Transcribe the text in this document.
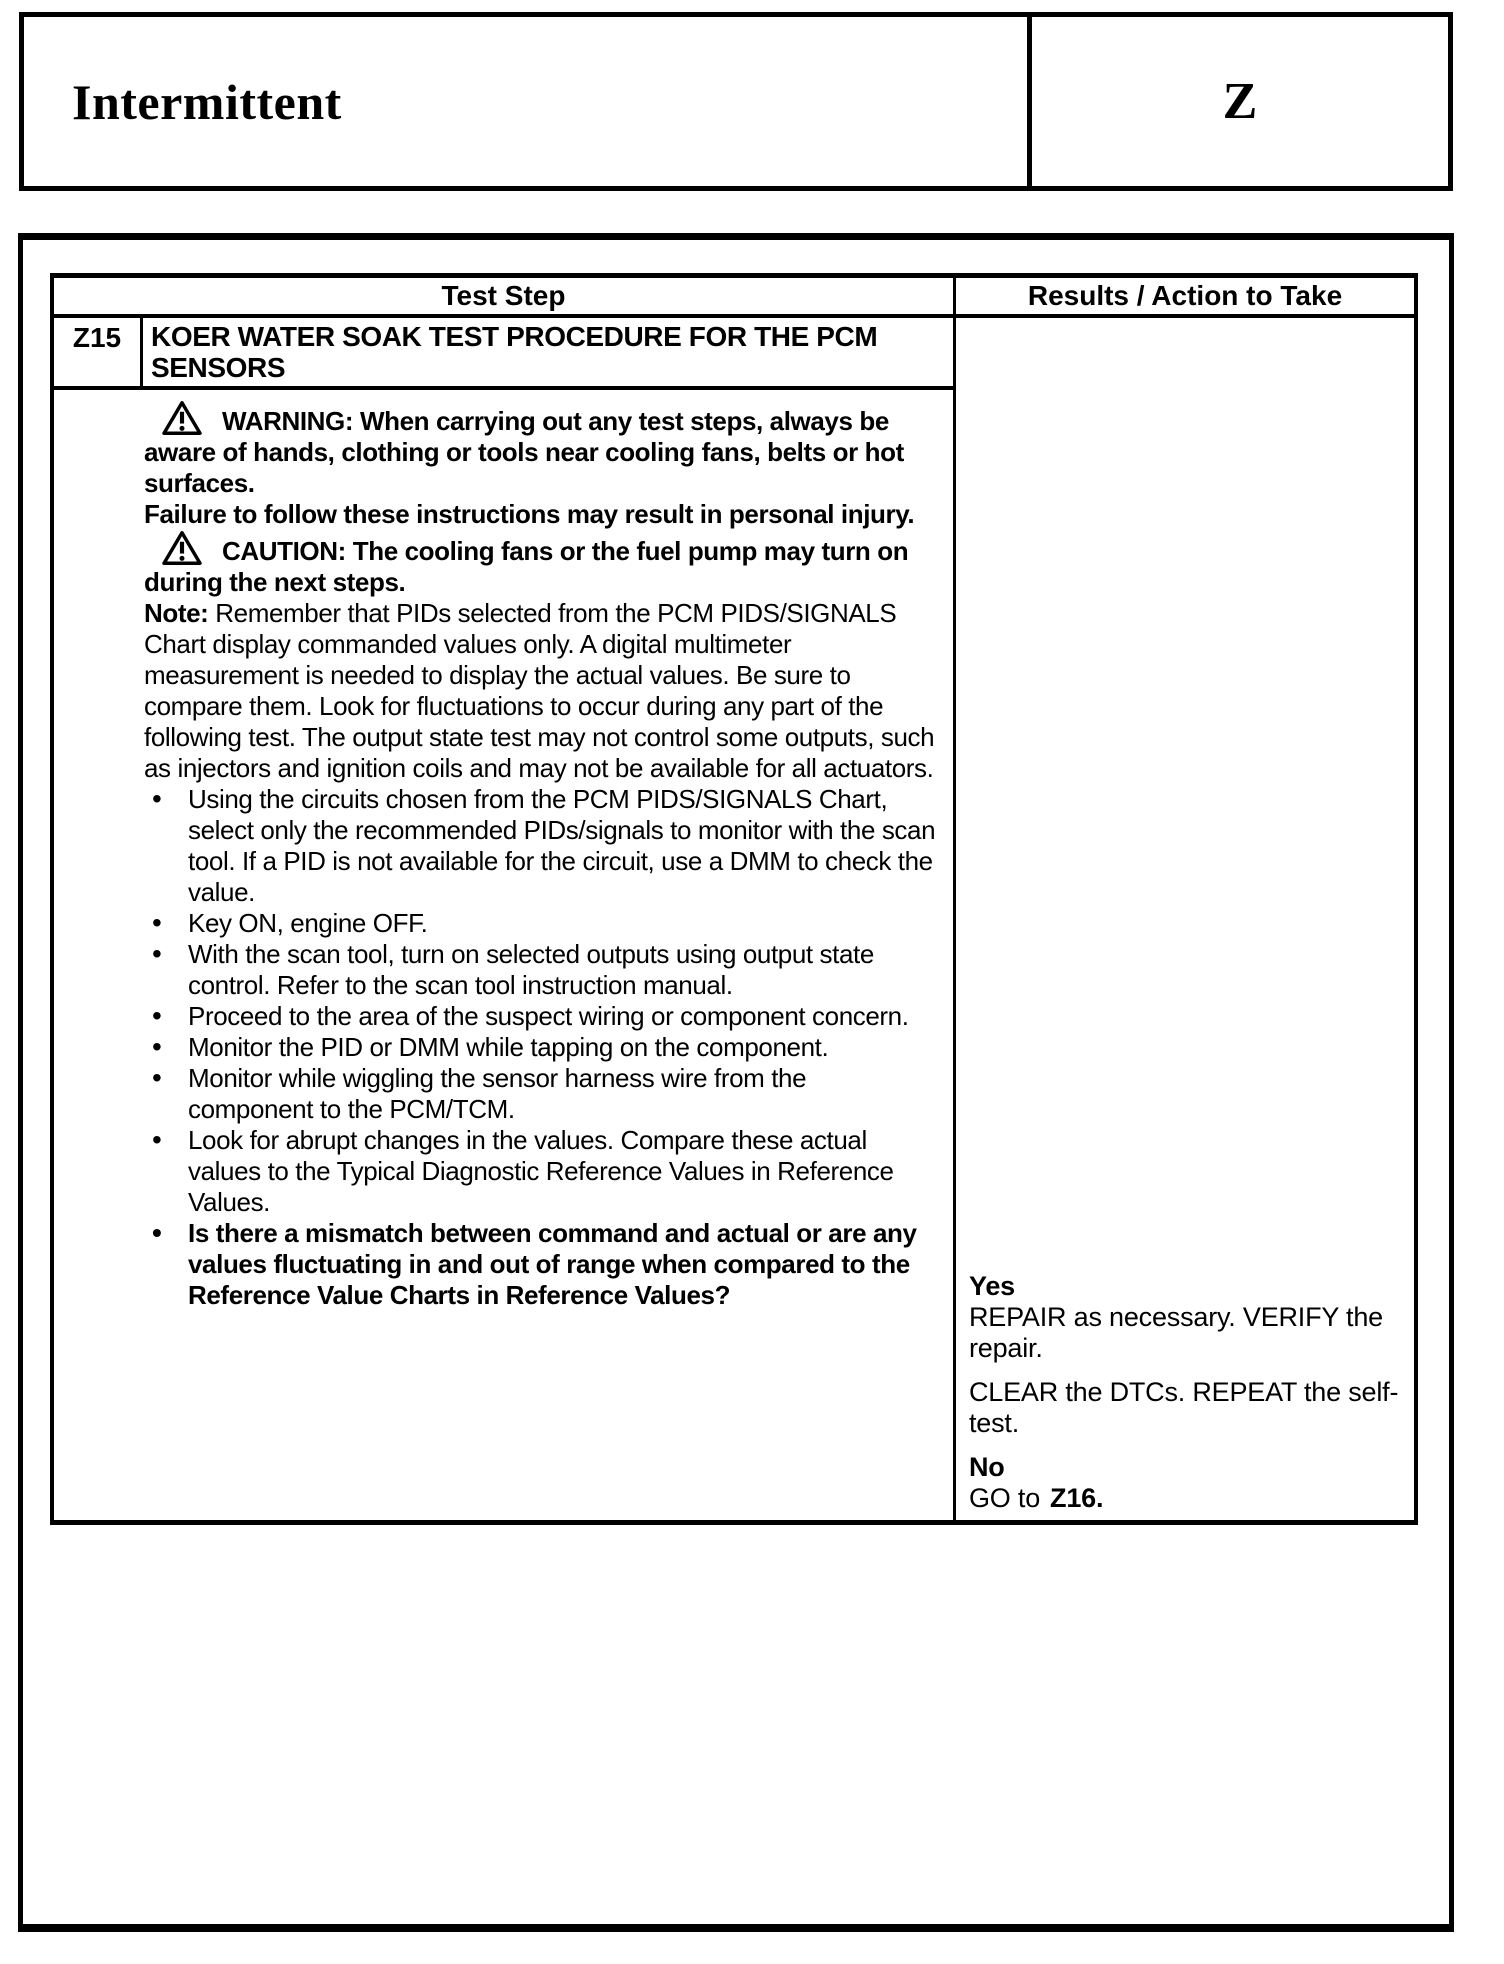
Intermittent	Z
Test Step	Results / Action to Take
Z15	KOER WATER SOAK TEST PROCEDURE FOR THE PCM SENSORS

WARNING: When carrying out any test steps, always be aware of hands, clothing or tools near cooling fans, belts or hot surfaces.

Failure to follow these instructions may result in personal injury.

CAUTION: The cooling fans or the fuel pump may turn on during the next steps.

Note: Remember that PIDs selected from the PCM PIDS/SIGNALS Chart display commanded values only. A digital multimeter measurement is needed to display the actual values. Be sure to compare them. Look for fluctuations to occur during any part of the following test. The output state test may not control some outputs, such as injectors and ignition coils and may not be available for all actuators.

• Using the circuits chosen from the PCM PIDS/SIGNALS Chart, select only the recommended PIDs/signals to monitor with the scan tool. If a PID is not available for the circuit, use a DMM to check the value.
• Key ON, engine OFF.
• With the scan tool, turn on selected outputs using output state control. Refer to the scan tool instruction manual.
• Proceed to the area of the suspect wiring or component concern.
• Monitor the PID or DMM while tapping on the component.
• Monitor while wiggling the sensor harness wire from the component to the PCM/TCM.
• Look for abrupt changes in the values. Compare these actual values to the Typical Diagnostic Reference Values in Reference Values.
• Is there a mismatch between command and actual or are any values fluctuating in and out of range when compared to the Reference Value Charts in Reference Values?	Yes
REPAIR as necessary. VERIFY the repair.
CLEAR the DTCs. REPEAT the self-test.
No
GO to Z16.
